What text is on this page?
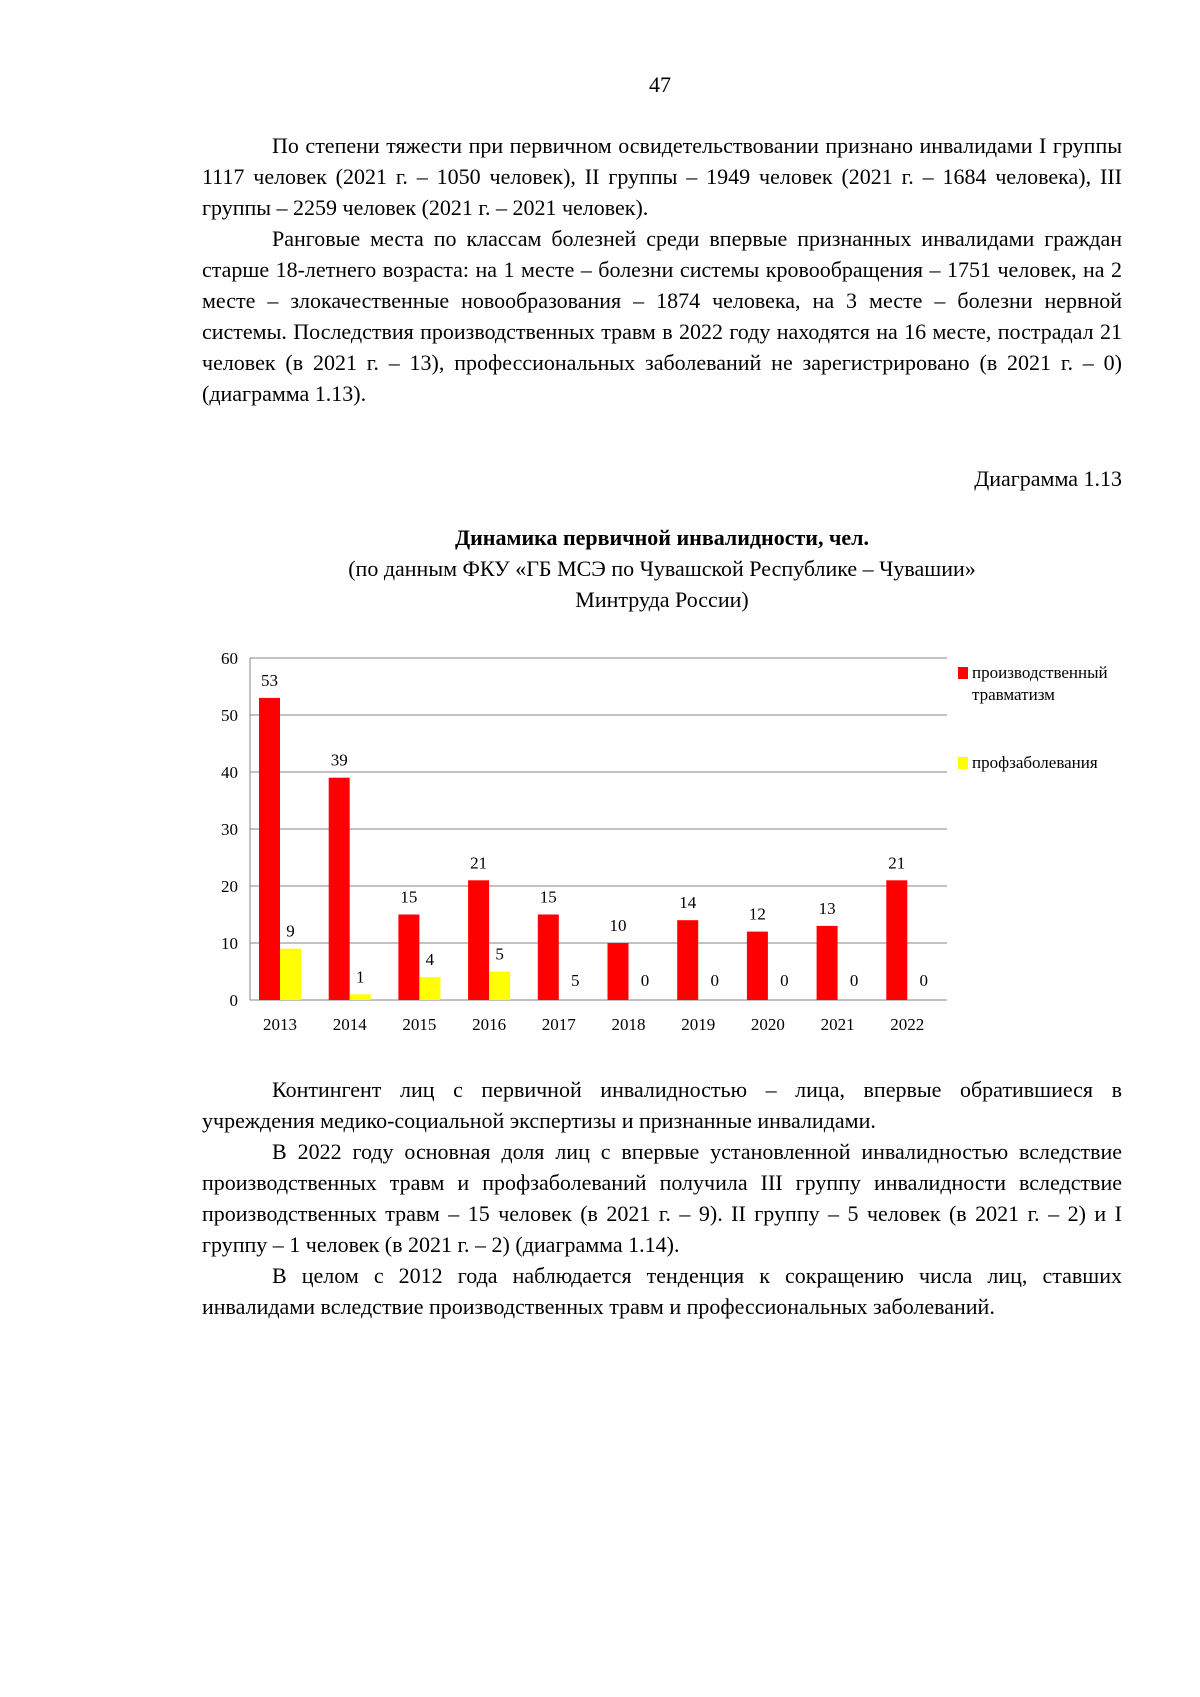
47

По степени тяжести при первичном освидетельствовании признано инвалидами I группы 1117 человек (2021 г. – 1050 человек), II группы – 1949 человек (2021 г. – 1684 человека), III группы – 2259 человек (2021 г. – 2021 человек).

Ранговые места по классам болезней среди впервые признанных инвалидами граждан старше 18-летнего возраста: на 1 месте – болезни системы кровообращения – 1751 человек, на 2 месте – злокачественные новообразования – 1874 человека, на 3 месте – болезни нервной системы. Последствия производственных травм в 2022 году находятся на 16 месте, пострадал 21 человек (в 2021 г. – 13), профессиональных заболеваний не зарегистрировано (в 2021 г. – 0) (диаграмма 1.13).

Диаграмма 1.13
Динамика первичной инвалидности, чел.
(по данным ФКУ «ГБ МСЭ по Чувашской Республике – Чувашии»
Минтруда России)
0
10
20
30
40
50
60
53
9
2013
39
1
2014
15
4
2015
21
5
2016
15
5
2017
10
0
2018
14
0
2019
12
0
2020
13
0
2021
21
0
2022
производственный
травматизм
профзаболевания

Контингент лиц с первичной инвалидностью – лица, впервые обратившиеся в учреждения медико-социальной экспертизы и признанные инвалидами.

В 2022 году основная доля лиц с впервые установленной инвалидностью вследствие производственных травм и профзаболеваний получила III группу инвалидности вследствие производственных травм – 15 человек (в 2021 г. – 9). II группу – 5 человек (в 2021 г. – 2) и I группу – 1 человек (в 2021 г. – 2) (диаграмма 1.14).

В целом с 2012 года наблюдается тенденция к сокращению числа лиц, ставших инвалидами вследствие производственных травм и профессиональных заболеваний.
